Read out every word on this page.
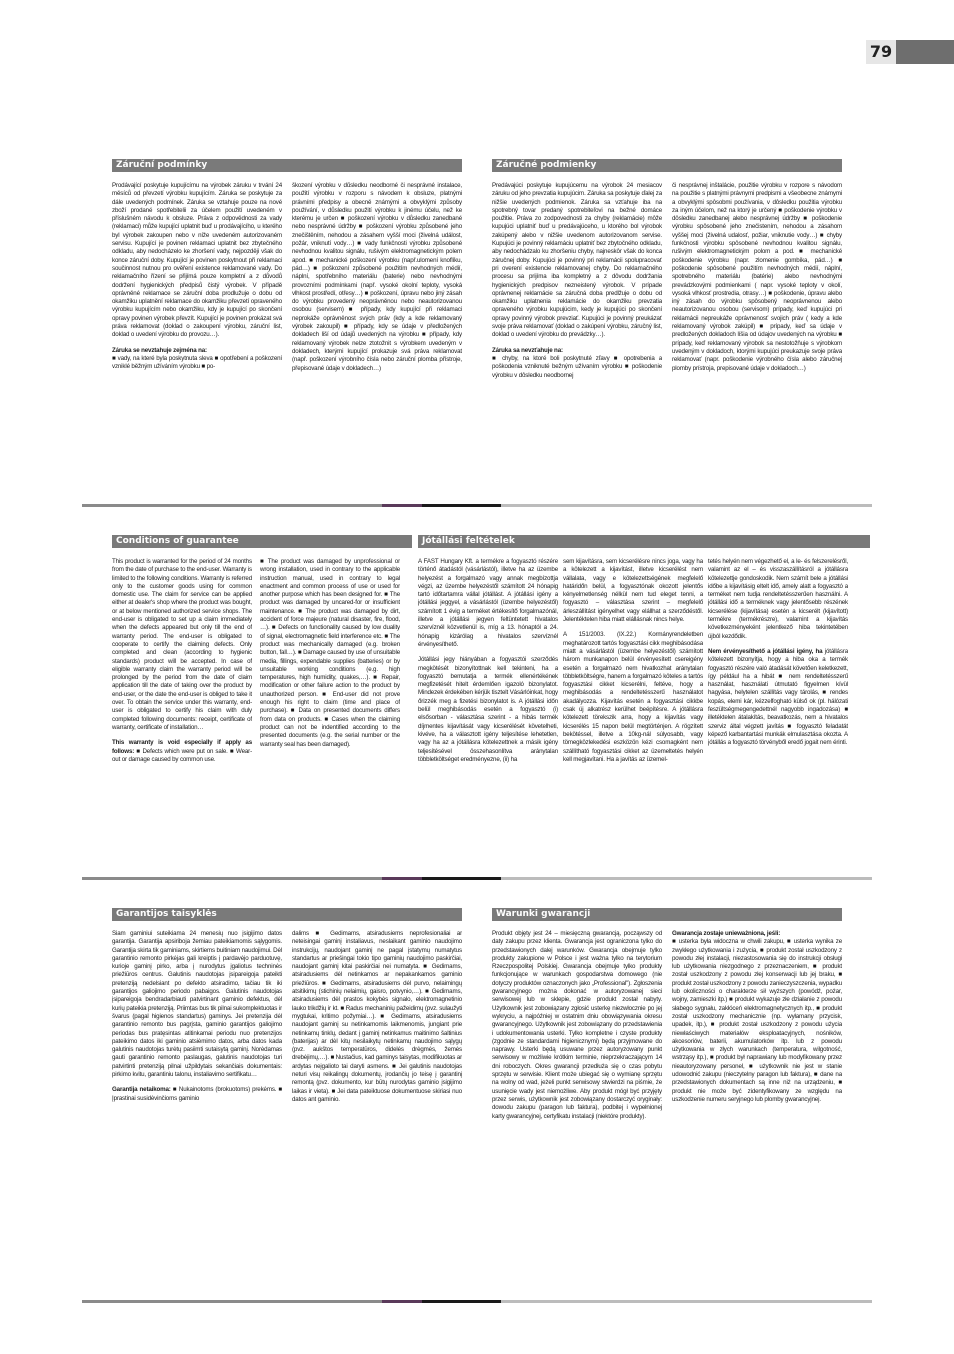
79
Záruční podmínky

Prodávající poskytuje kupujícímu na výrobek záruku v trvání 24 měsíců od převzetí výrobku kupujícím. Záruka se poskytuje za dále uvedených podmínek. Záruka se vztahuje pouze na nové zboží prodané spotřebitelii za účelem použití uvedeném v příslušném návodu k obsluze. Práva z odpovědnosti za vady (reklamaci) může kupující uplatnit buď u prodávajícího, u kterého byl výrobek zakoupen nebo v níže uvedeném autorizovaném servisu. Kupující je povinen reklamaci uplatnit bez zbytečného odkladu, aby nedocházelo ke zhoršení vady, nejpozději však do konce záruční doby. Kupující je povinen poskytnout při reklamaci součinnost nutnou pro ověření existence reklamované vady. Do reklamačního řízení se přijímá pouze kompletní a z důvodů dodržení hygienických předpisů čistý výrobek. V případě oprávněné reklamace se záruční doba prodlužuje o dobu od okamžiku uplatnění reklamace do okamžiku převzetí opraveného výrobku kupujícím nebo okamžiku, kdy je kupující po skončení opravy povinen výrobek převzít. Kupující je povinen prokázat svá práva reklamovat (doklad o zakoupení výrobku, záruční list, doklad o uvedení výrobku do provozu…).

Záruka se nevztahuje zejména na:
■ vady, na které byla poskytnuta sleva ■ opotřebení a poškození vzniklé běžným užíváním výrobku ■ po-

škození výrobku v důsledku neodborné či nesprávné instalace, použití výrobku v rozporu s návodem k obsluze, platnými právními předpisy a obecně známými a obvyklými způsoby používání, v důsledku použití výrobku k jinému účelu, než ke kterému je určen ■ poškození výrobku v důsledku zanedbané nebo nesprávné údržby ■ poškození výrobku způsobené jeho znečištěním, nehodou a zásahem vyšší moci (živelná událost, požár, vniknutí vody…) ■ vady funkčnosti výrobku způsobené nevhodnou kvalitou signálu, rušivým elektromagnetickým polem apod. ■ mechanické poškození výrobku (např.ulomení knoflíku, pád…) ■ poškození způsobené použitím nevhodných médií, náplní, spotřebního materiálu (baterie) nebo nevhodnými provozními podmínkami (např. vysoké okolní teploty, vysoká vlhkost prostředí, otřesy…) ■ poškození, úpravu nebo jiný zásah do výrobku provedený neoprávněnou nebo neautorizovanou osobou (servisem) ■ případy, kdy kupující při reklamaci neprokáže oprávněnost svých práv (kdy a kde reklamovaný výrobek zakoupil) ■ případy, kdy se údaje v předložených dokladech liší od údajů uvedených na výrobku ■ případy, kdy reklamovaný výrobek nelze ztotožnit s výrobkem uvedeným v dokladech, kterými kupující prokazuje svá práva reklamovat (např. poškození výrobního čísla nebo záruční plomba přístroje, přepisované údaje v dokladech…)

Záručné podmienky

Predávajúci poskytuje kupujúcemu na výrobok 24 mesiacov záruku od jeho prevzatia kupujúcim. Záruka sa poskytuje ďalej za nižšie uvedených podmienok. Záruka sa vzťahuje iba na spotrebný tovar predaný spotrebiteľovi na bežné domáce použitie. Práva zo zodpovednosti za chyby (reklamácie) môže kupujúci uplatniť buď u predávajúceho, u ktorého bol výrobok zakúpený alebo v nižšie uvedenom autorizovanom servise. Kupujúci je povinný reklamáciu uplatniť bez zbytočného odkladu, aby nedochádzalo ku zhoršeniu chyby, najneskôr však do konca záručnej doby. Kupujúci je povinný pri reklamácii spolupracovať pri overení existencie reklamovanej chyby. Do reklamačného procesu sa prijíma iba kompletný a z dôvodu dodržania hygienických predpisov nezneistený výrobok. V prípade oprávnenej reklamácie sa záručná doba predlžuje o dobu od okamžiku uplatnenia reklamácie do okamžiku prevzatia opraveného výrobku kupujúcim, kedy je kupujúci po skončení opravy povinný výrobok prevziať. Kupujúci je povinný preukázať svoje práva reklamovať (doklad o zakúpení výrobku, záručný list, doklad o uvedení výrobku do prevádzky…).

Záruka sa nevzťahuje na:
■ chyby, na ktoré boli poskytnuté zľavy ■ opotrebenia a poškodenia vzniknuté bežným užívaním výrobku ■ poškodenie výrobku v dôsledku neodbornej

či nesprávnej inštalácie, použitie výrobku v rozpore s návodom na použitie s platnými právnymi predpismi a všeobecne známymi a obvyklými spôsobmi používania, v dôsledku použitia výrobku za iným účelom, než na ktorý je určený ■ poškodenie výrobku v dôsledku zanedbanej alebo nesprávnej údržby ■ poškodenie výrobku spôsobené jeho znečistením, nehodou a zásahom vyššej moci (živelná udalosť, požiar, vniknutie vody…) ■ chyby funkčnosti výrobku spôsobené nevhodnou kvalitou signálu, rušivým elektromagnetickým polom a pod. ■ mechanické poškodenie výrobku (napr. zlomenie gombíka, pád…) ■ poškodenie spôsobené použitím nevhodných médií, náplní, spotrebného materiálu (batérie) alebo nevhodnými prevádzkovými podmienkami ( napr. vysoké teploty v okolí, vysoká vlhkosť prostredia, otrasy…) ■ poškodenie, úpravu alebo iný zásah do výrobku spôsobený neoprávnenou alebo neautorizovanou osobou (servisom) prípady, keď kupujúci pri reklamácii nepreukáže oprávnenosť svojich práv ( kedy a kde reklamovaný výrobok zakúpil) ■ prípady, keď sa údaje v predložených dokladoch líšia od údajov uvedených na výrobku ■ prípady, keď reklamovaný výrobok sa nestotožňuje s výrobkom uvedeným v dokladoch, ktorými kupujúci preukazuje svoje práva reklamovať (napr. poškodenie výrobného čísla alebo záručnej plomby prístroja, prepisované údaje v dokladoch…)

Conditions of guarantee

This product is warranted for the period of 24 months from the date of purchase to the end-user. Warranty is limited to the following conditions. Warranty is referred only to the customer goods using for common domestic use. The claim for service can be applied either at dealer's shop where the product was bought, or at below mentioned authorized service shops. The end-user is obligated to set up a claim immediately when the defects appeared but only till the end of warranty period. The end-user is obligated to cooperate to certify the claiming defects. Only completed and clean (according to hygienic standards) product will be accepted. In case of eligible warranty claim the warranty period will be prolonged by the period from the date of claim application till the date of taking over the product by end-user, or the date the end-user is obliged to take it over. To obtain the service under this warranty, end-user is obligated to certify his claim with duly completed following documents: receipt, certificate of warranty, certificate of installation…

This warranty is void especially if apply as follows: ■ Defects which were put on sale. ■ Wear-out or damage caused by common use.

■ The product was damaged by unprofessional or wrong installation, used in contrary to the applicable instruction manual, used in contrary to legal enactment and common process of use or used for another purpose which has been designed for. ■ The product was damaged by uncared-for or insufficient maintenance. ■ The product was damaged by dirt, accident of force majeure (natural disaster, fire, flood, …). ■ Defects on functionality caused by low duality of signal, electromagnetic field interference etc. ■ The product was mechanically damaged (e.g. broken button, fall…). ■ Damage caused by use of unsuitable media, fillings, expendable supplies (batteries) or by unsuitable working conditions (e.g. high temperatures, high humidity, quakes,…). ■ Repair, modification or other failure action to the product by unauthorized person. ■ End-user did not prove enough his right to claim (time and place of purchase). ■ Data on presented documents differs from data on products. ■ Cases when the claiming product can not be indentified according to the presented documents (e.g. the serial number or the warranty seal has been damaged).

Jótállási feltételek

A FAST Hungary Kft. a termékre a fogyasztó részére történő átadástól (vásárlástól), illetve ha az üzembe helyezést a forgalmazó vagy annak megbízottja végzi, az üzembe helyezéstől számított 24 hónapig tartó időtartamra vállal jótállást. A jótállási igény a jótállási jeggyel, a vásárlástól (üzembe helyezéstől) számított 1 évig a terméket értékesítő forgalmazónál, illetve a jótállási jegyen feltüntetett hivatalos szervíznél közvetlenül is, míg a 13. hónaptól a 24. hónapig kizárólag a hivatalos szervíznél érvényesíthető.

Jótállási jegy hiányában a fogyasztói szerződés megkötését bizonyítottnak kell tekinteni, ha a fogyasztó bemutatja a termék ellenértékének megfizetését hitelt érdemlően igazoló bizonylatot. Mindezek érdekében kérjük tisztelt Vásárlóinkat, hogy őrizzék meg a fizetési bizonylatot is. A jótállási időn belül meghibásodás esetén a fogyasztó (i) elsősorban - választása szerint - a hibás termék díjmentes kijavítását vagy kicserélését követelheti, kivéve, ha a választott igény teljesítése lehetetlen, vagy ha az a jótállásra kötelezettnek a másik igény teljesítésével összehasonlítva aránytalan többletköltséget eredményezne, (ii) ha

sem kijavításra, sem kicserélésre nincs joga, vagy ha a kötelezett a kijavítást, illetve kicserélést nem vállalata, vagy e kötelezettségének megfelelő határidőn belül, a fogyasztónak okozott jelentős kényelmetlenség nélkül nem tud eleget tenni, a fogyasztó – választása szerint – megfelelő árleszállítást igényelhet vagy elállhat a szerződéstől. Jelentéktelen hiba miatt elállásnak nincs helye.

A 151/2003. (IX.22.) Kormányrendeletben meghatározott tartós fogyasztási cikk meghibásodása miatt a vásárlástól (üzembe helyezéstől) számított három munkanapon belül érvényesített csereigény esetén a forgalmazó nem hivatkozhat aránytalan többletköltségre, hanem a forgalmazó köteles a tartós fogyasztási cikket kicserélni, feltéve, hogy a meghibásodás a rendeltetésszerű használatot akadályozza. Kijavítás esetén a fogyasztási cikkbe csak új alkatrész kerülhet beépítésre. A jótállásra kötelezett törekszik arra, hogy a kijavítás vagy kicserélés 15 napon belül megtörténjen. A rögzített bekötéssel, illetve a 10kg-nál súlyosabb, vagy tömegközlekedési eszközön kézi csomagként nem szállítható fogyasztási cikket az üzemeltetés helyén kell megjavítani. Ha a javítás az üzemel-

tetés helyén nem végezhető el, a le- és felszerelésről, valamint az el – és visszaszállításról a jótállásra kötelezettje gondoskodik. Nem számít bele a jótállási időbe a kijavításig eltelt idő, amely alatt a fogyasztó a terméket nem tudja rendeltetésszerűen használni. A jótállási idő a terméknek vagy jelentősebb részének kicserélése (kijavítása) esetén a kicserélt (kijavított) termékre (termékrészre), valamint a kijavítás következményeként jelentkező hiba tekintetében újból kezdődik.

Nem érvényesíthető a jótállási igény, ha jótállásra kötelezett bizonyítja, hogy a hiba oka a termék fogyasztó részére való átadását követően keletkezett, így például ha a hibát ■ nem rendeltetésszerű használat, használati útmutató figyelmen kívül hagyása, helytelen szállítás vagy tárolás, ■ rendes kopás, elemi kár, kézzelfogható külső ok (pl. hálózati feszültségmegengedettnél nagyobb ingadozása) ■ illetéktelen átalakítás, beavatkozás, nem a hivatalos szerviz által végzett javítás ■ fogyasztó feladatát képező karbantartási munkák elmulasztása okozta. A jótállás a fogyasztó törvényből eredő jogait nem érinti.

Garantijos taisyklės

Šiam gaminiui suteikiama 24 menesių nuo įsigijimo datos garantija. Garantija apsiriboja žemiau pateikiamomis sąlygomis. Garantija skirta tik gaminiams, skirtiems buitiniam naudojimui. Dėl garantinio remonto pirkėjas gali kreiptis į pardavėjo parduotuvę, kurioje gaminį pirko, arba į nurodytus įgaliotus techninės priežiūros centrus. Galutinis naudotojas įsipareigoja pateikti pretenziją nedelsiant po defekto atsiradimo, tačiau tik iki garantijos galiojimo periodo pabaigos. Galutinis naudotojas įsipareigoja bendradarbiauti patvirtinant gaminio defektus, dėl kurių pateikia pretenziją. Priimtas bus tik pilnai sukomplektuotas ir švarus (pagal higienos standartus) gaminys. Jei pretenzija dėl garantinio remonto bus pagrįsta, gaminio garantijos galiojimo periodas bus pratęsintas atitinkamai periodu nuo pretenzijos pateikimo datos iki gaminio atsiėmimo datos, arba datos kada galutinis naudotojas turėtų pasiimti sutaisytą gaminį. Norėdamas gauti garantinio remonto paslaugas, galutinis naudotojas turi patvirtinti pretenziją pilnai užpildytais sekančiais dokumentais: pirkimo kvitu, garantiniu talonu, instaliavimo sertifikatu…

Garantija netaikoma: ■ Nukainotoms (brokuotoms) prekėms. ■ Įprastinai susidėvinčioms gaminio

dalims ■ Gedimams, atsiradusiems neprofesionaliai ar neteisingai gaminį instaliavus, neslaikant gaminio naudojimo instrukcijų, naudojant gaminį ne pagal įstatymų numatytus standartus ar priešingai tokio tipo gaminių naudojimo paskirčiai, naudojant gaminį kitai paskirčiai nei numatyta. ■ Gedimams, atsiradusiems dėl netinkamos ar nepakankamos gaminio priežiūros. ■ Gedimams, atsiradusiems dėl purvo, nelaimingų atsitikimų (stichinių nelaimių, gaisro, potvynio,…). ■ Gedimams, atsiradusiems dėl prastos kokybės signalo, elektromagnetinio lauko trikdžių ir kt. ■ Radus mechaninių pažeidimų (pvz. sulaužyti mygtukai, kritimo požymiai…). ■ Gedimams, atsiradusiems naudojant gaminį su netinkamomis laikmenomis, jungiant prie netinkamų tinklų, dedant į gaminį netinkamus maitinimo šaltinius (baterijas) ar dėl kitų nesilaikytų netinkamų naudojimo sąlygų (pvz. aukštos temperatūros, didelės drėgmės, žemės drebėjimų,…). ■ Nustačius, kad gaminys taisytas, modifikuotas ar ardytas neįgalioto tai daryti asmens. ■ Jei galutinis naudotojas neturi visų reikalingų dokumentų, įrodančių jo teisę į garantinį remontą (pvz. dokumento, kur būtų nurodytas gaminio įsigijimo laikas ir vieta). ■ Jei data pateiktuose dokumentuose skiriasi nuo datos ant gaminio.

Warunki gwarancji

Produkt objęty jest 24 – miesięczną gwarancją, począwszy od daty zakupu przez klienta. Gwarancja jest ograniczona tylko do przedstawionych dalej warunków. Gwarancja obejmuje tylko produkty zakupione w Polsce i jest ważna tylko na terytorium Rzeczpospolitej Polskiej. Gwarancja obejmuje tylko produkty funkcjonujące w warunkach gospodarstwa domowego (nie dotyczy produktów oznaczonych jako „Professional"). Zgłoszenia gwarancyjnego można dokonać w autoryzowanej sieci serwisowej lub w sklepie, gdzie produkt został nabyty. Użytkownik jest zobowiązany zgłosić usterkę niezwłocznie po jej wykryciu, a najpóźniej w ostatnim dniu obowiązywania okresu gwarancyjnego. Użytkownik jest zobowiązany do przedstawienia i udokumentowania usterki. Tylko kompletne i czyste produkty (zgodnie ze standardami higienicznymi) będą przyjmowane do naprawy. Usterki będą usuwane przez autoryzowany punkt serwisowy w możliwie krótkim terminie, nieprzekraczającym 14 dni roboczych. Okres gwarancji przedłuża się o czas pobytu sprzętu w serwisie. Klient może ubiegać się o wymianę sprzętu na wolny od wad, jeżeli punkt serwisowy stwierdzi na piśmie, że usunięcie wady jest niemożliwe. Aby produkt mógł być przyjęty przez serwis, użytkownik jest zobowiązany dostarczyć oryginały: dowodu zakupu (paragon lub faktura), podbitej i wypełnionej karty gwarancyjnej, certyfikatu instalacji (niektóre produkty).

Gwarancja zostaje unieważniona, jeśli:
■ usterka była widoczna w chwili zakupu, ■ usterka wynika ze zwykłego użytkowania i zużycia, ■ produkt został uszkodzony z powodu złej instalacji, niezastosowania się do instrukcji obsługi lub użytkowania niezgodnego z przeznaczeniem, ■ produkt został uszkodzony z powodu złej konserwacji lub jej braku, ■ produkt został uszkodzony z powodu zanieczyszczenia, wypadku lub okoliczności o charakterze sił wyższych (powódź, pożar, wojny, zamieszki itp.) ■ produkt wykazuje złe działanie z powodu słabego sygnału, zakłóceń elektromagnetycznych itp., ■ produkt został uszkodzony mechanicznie (np. wyłamany przycisk, upadek, itp.), ■ produkt został uszkodzony z powodu użycia niewłaściwych materiałów eksploatacyjnych, nośników, akcesoriów, baterii, akumulatorków itp. lub z powodu użytkowania w złych warunkach (temperatura, wilgotność, wstrząsy itp.), ■ produkt był naprawiany lub modyfikowany przez nieautoryzowany personel, ■ użytkownik nie jest w stanie udowodnić zakupu (nieczytelny paragon lub faktura), ■ dane na przedstawionych dokumentach są inne niż na urządzeniu, ■ produkt nie może być zidentyfikowany ze względu na uszkodzenie numeru seryjnego lub plomby gwarancyjnej.
